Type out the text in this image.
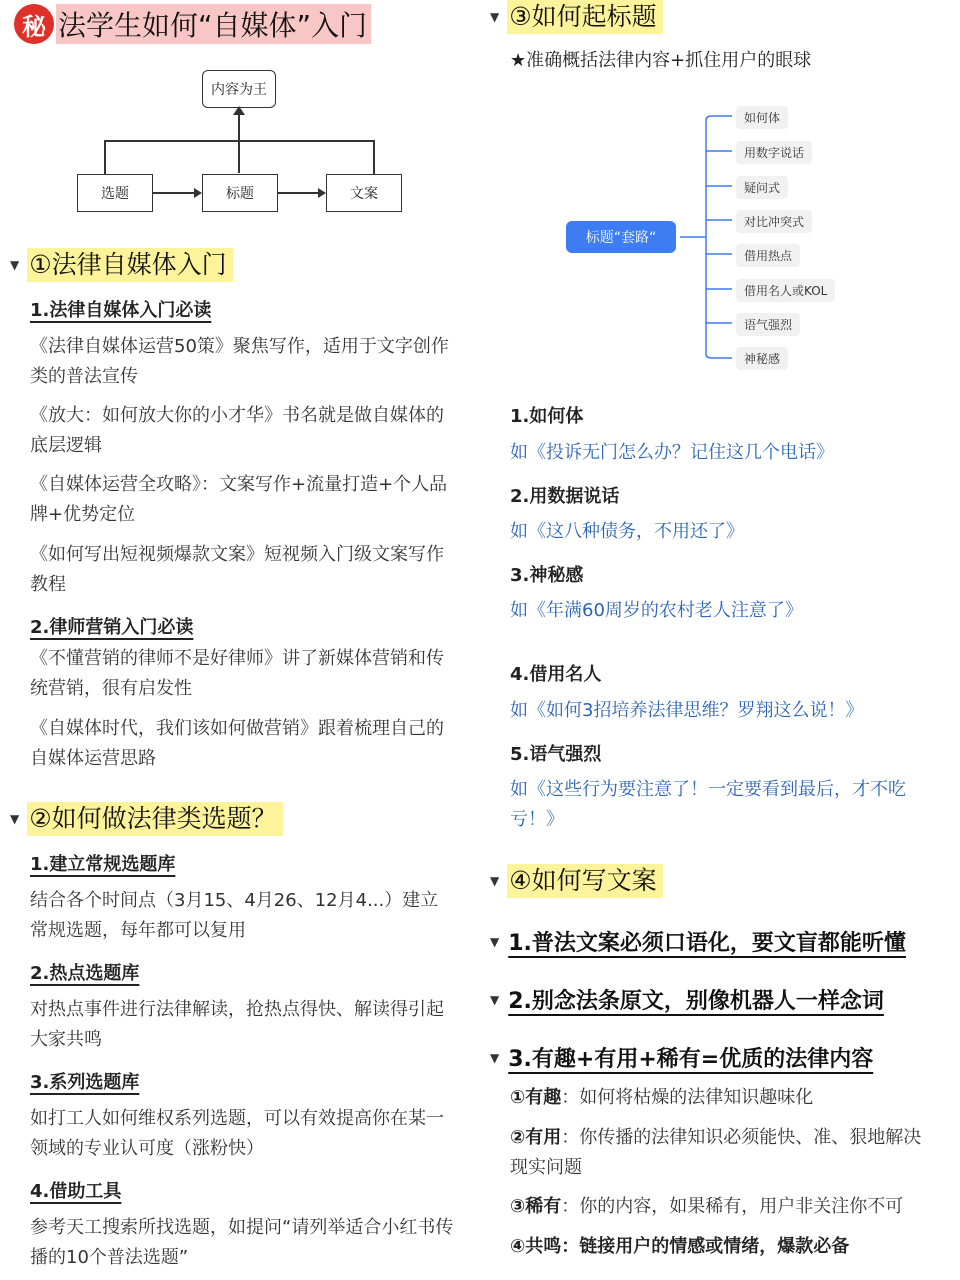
秘 法学生如何“自媒体”入门
内容为王
选题	标题	文案
▼ ①法律自媒体入门
1.法律自媒体入门必读
《法律自媒体运营50策》聚焦写作，适用于文字创作类的普法宣传
《放大：如何放大你的小才华》书名就是做自媒体的底层逻辑
《自媒体运营全攻略》：文案写作+流量打造+个人品牌+优势定位
《如何写出短视频爆款文案》短视频入门级文案写作教程
2.律师营销入门必读
《不懂营销的律师不是好律师》讲了新媒体营销和传统营销，很有启发性
《自媒体时代，我们该如何做营销》跟着梳理自己的自媒体运营思路
▼ ②如何做法律类选题？
1.建立常规选题库
结合各个时间点（3月15、4月26、12月4...）建立常规选题，每年都可以复用
2.热点选题库
对热点事件进行法律解读，抢热点得快、解读得引起大家共鸣
3.系列选题库
如打工人如何维权系列选题，可以有效提高你在某一领域的专业认可度（涨粉快）
4.借助工具
参考天工搜索所找选题，如提问“请列举适合小红书传播的10个普法选题”
▼ ③如何起标题
★准确概括法律内容+抓住用户的眼球
标题“套路“
如何体
用数字说话
疑问式
对比冲突式
借用热点
借用名人或KOL
语气强烈
神秘感
1.如何体
如《投诉无门怎么办？记住这几个电话》
2.用数据说话
如《这八种债务，不用还了》
3.神秘感
如《年满60周岁的农村老人注意了》
4.借用名人
如《如何3招培养法律思维？罗翔这么说！》
5.语气强烈
如《这些行为要注意了！一定要看到最后，才不吃亏！》
▼ ④如何写文案
▼ 1.普法文案必须口语化，要文盲都能听懂
▼ 2.别念法条原文，别像机器人一样念词
▼ 3.有趣+有用+稀有=优质的法律内容
①有趣：如何将枯燥的法律知识趣味化
②有用：你传播的法律知识必须能快、准、狠地解决现实问题
③稀有：你的内容，如果稀有，用户非关注你不可
④共鸣：链接用户的情感或情绪，爆款必备
